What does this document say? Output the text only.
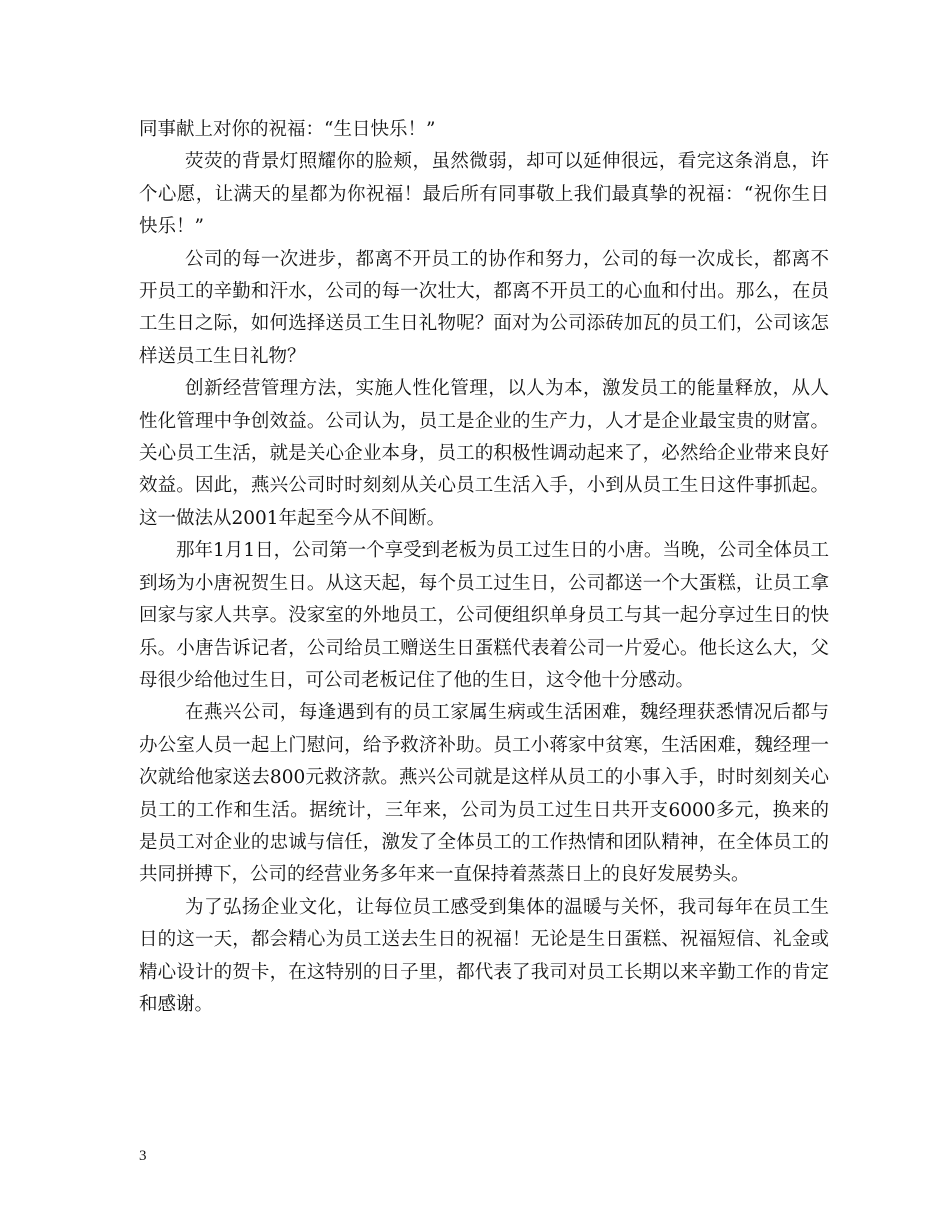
同事献上对你的祝福：“生日快乐！”

荧荧的背景灯照耀你的脸颊，虽然微弱，却可以延伸很远，看完这条消息，许个心愿，让满天的星都为你祝福！最后所有同事敬上我们最真挚的祝福：“祝你生日快乐！”

公司的每一次进步，都离不开员工的协作和努力，公司的每一次成长，都离不开员工的辛勤和汗水，公司的每一次壮大，都离不开员工的心血和付出。那么，在员工生日之际，如何选择送员工生日礼物呢？面对为公司添砖加瓦的员工们，公司该怎样送员工生日礼物？

创新经营管理方法，实施人性化管理，以人为本，激发员工的能量释放，从人性化管理中争创效益。公司认为，员工是企业的生产力，人才是企业最宝贵的财富。关心员工生活，就是关心企业本身，员工的积极性调动起来了，必然给企业带来良好效益。因此，燕兴公司时时刻刻从关心员工生活入手，小到从员工生日这件事抓起。这一做法从2001年起至今从不间断。

那年1月1日，公司第一个享受到老板为员工过生日的小唐。当晚，公司全体员工到场为小唐祝贺生日。从这天起，每个员工过生日，公司都送一个大蛋糕，让员工拿回家与家人共享。没家室的外地员工，公司便组织单身员工与其一起分享过生日的快乐。小唐告诉记者，公司给员工赠送生日蛋糕代表着公司一片爱心。他长这么大，父母很少给他过生日，可公司老板记住了他的生日，这令他十分感动。

在燕兴公司，每逢遇到有的员工家属生病或生活困难，魏经理获悉情况后都与办公室人员一起上门慰问，给予救济补助。员工小蒋家中贫寒，生活困难，魏经理一次就给他家送去800元救济款。燕兴公司就是这样从员工的小事入手，时时刻刻关心员工的工作和生活。据统计，三年来，公司为员工过生日共开支6000多元，换来的是员工对企业的忠诚与信任，激发了全体员工的工作热情和团队精神，在全体员工的共同拼搏下，公司的经营业务多年来一直保持着蒸蒸日上的良好发展势头。

为了弘扬企业文化，让每位员工感受到集体的温暖与关怀，我司每年在员工生日的这一天，都会精心为员工送去生日的祝福！无论是生日蛋糕、祝福短信、礼金或精心设计的贺卡，在这特别的日子里，都代表了我司对员工长期以来辛勤工作的肯定和感谢。

3
